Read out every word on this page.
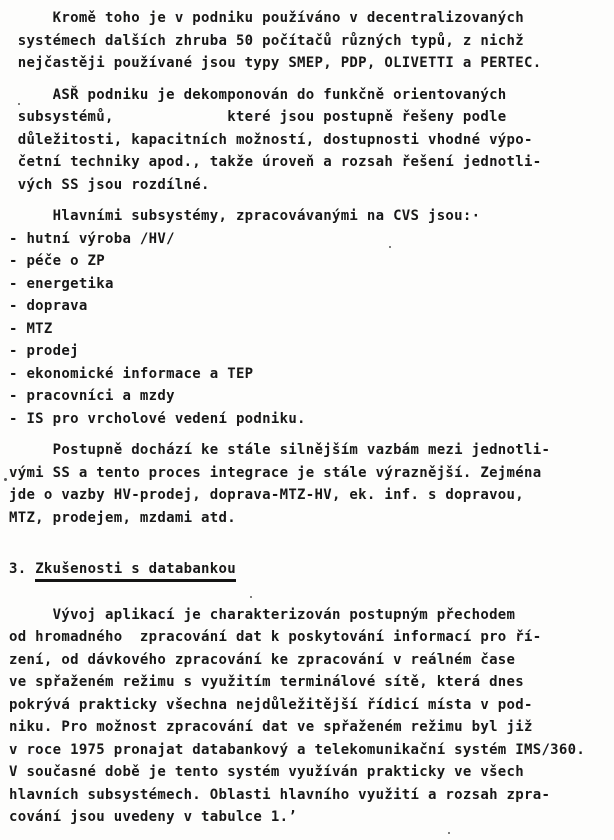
Kromě toho je v podniku používáno v decentralizovaných
systémech dalších zhruba 50 počítačů různých typů, z nichž
nejčastěji používané jsou typy SMEP, PDP, OLIVETTI a PERTEC.
ASŘ podniku je dekomponován do funkčně orientovaných
subsystémů,             které jsou postupně řešeny podle
důležitosti, kapacitních možností, dostupnosti vhodné výpo-
četní techniky apod., takže úroveň a rozsah řešení jednotli-
vých SS jsou rozdílné.
Hlavními subsystémy, zpracovávanými na CVS jsou:·
- hutní výroba /HV/
- péče o ZP
- energetika
- doprava
- MTZ
- prodej
- ekonomické informace a TEP
- pracovníci a mzdy
- IS pro vrcholové vedení podniku.
Postupně dochází ke stále silnějším vazbám mezi jednotli-
vými SS a tento proces integrace je stále výraznější. Zejména
jde o vazby HV-prodej, doprava-MTZ-HV, ek. inf. s dopravou,
MTZ, prodejem, mzdami atd.
3. Zkušenosti s databankou
Vývoj aplikací je charakterizován postupným přechodem
od hromadného  zpracování dat k poskytování informací pro ří-
zení, od dávkového zpracování ke zpracování v reálném čase
ve spřaženém režimu s využitím terminálové sítě, která dnes
pokrývá prakticky všechna nejdůležitější řídicí místa v pod-
niku. Pro možnost zpracování dat ve spřaženém režimu byl již
v roce 1975 pronajat databankový a telekomunikační systém IMS/360.
V současné době je tento systém využíván prakticky ve všech
hlavních subsystémech. Oblasti hlavního využití a rozsah zpra-
cování jsou uvedeny v tabulce 1.’
